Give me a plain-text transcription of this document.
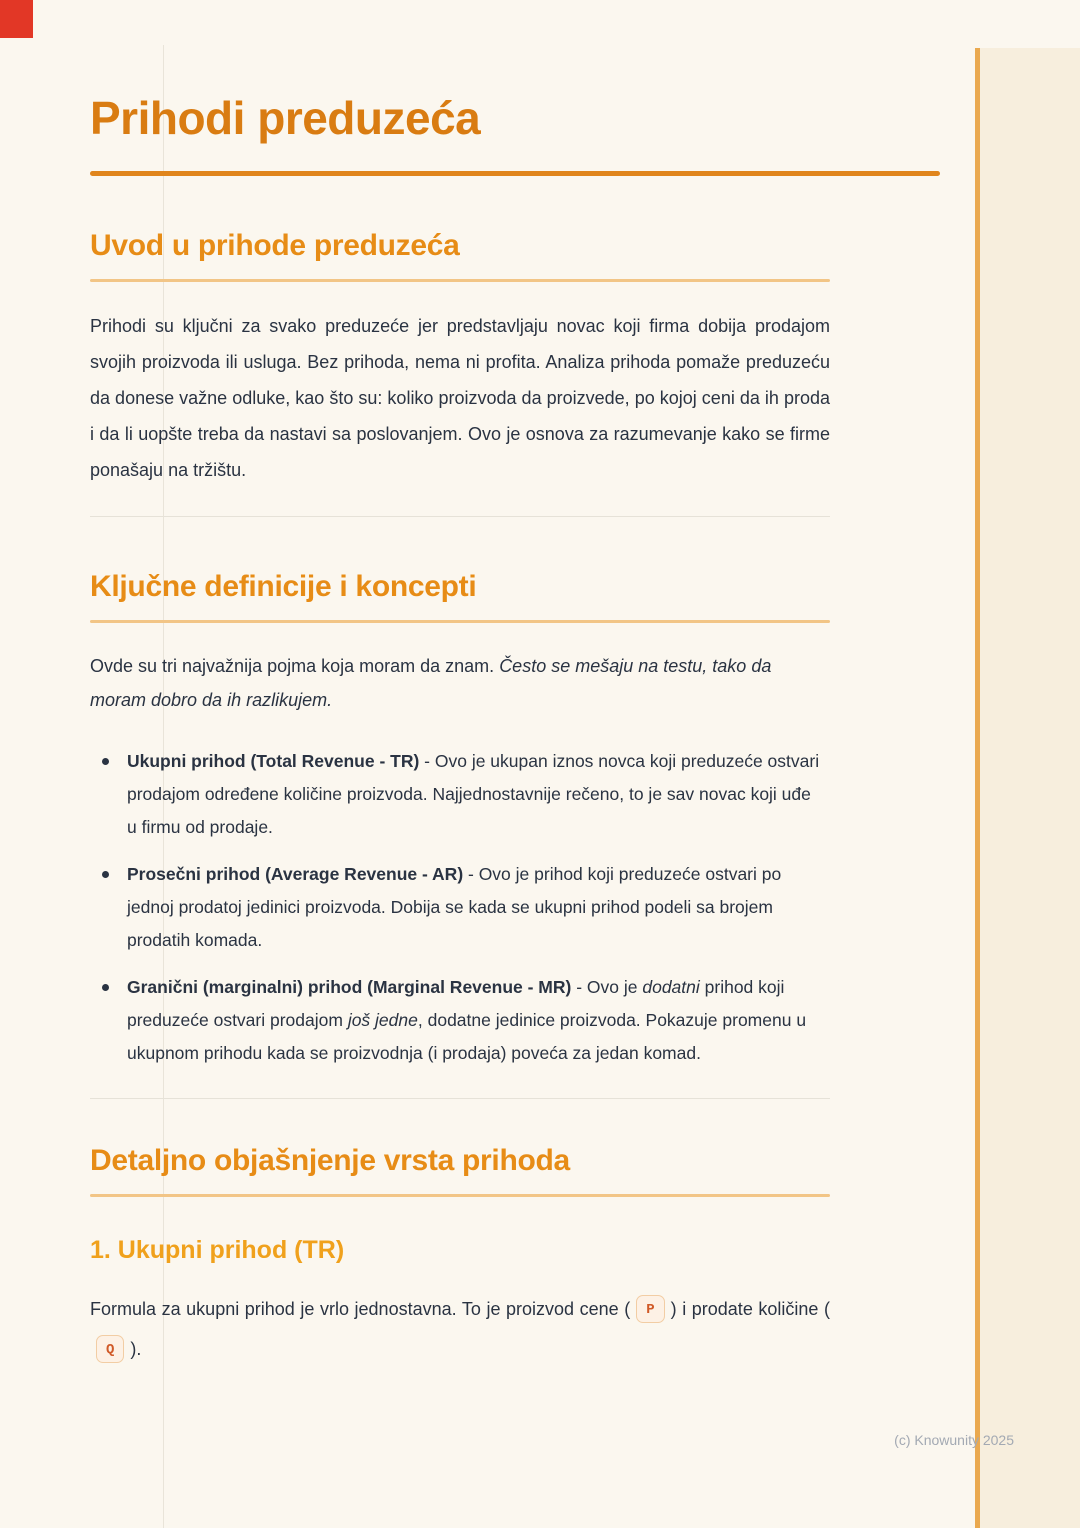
Prihodi preduzeća
Uvod u prihode preduzeća

Prihodi su ključni za svako preduzeće jer predstavljaju novac koji firma dobija prodajom svojih proizvoda ili usluga. Bez prihoda, nema ni profita. Analiza prihoda pomaže preduzeću da donese važne odluke, kao što su: koliko proizvoda da proizvede, po kojoj ceni da ih proda i da li uopšte treba da nastavi sa poslovanjem. Ovo je osnova za razumevanje kako se firme ponašaju na tržištu.

Ključne definicije i koncepti

Ovde su tri najvažnija pojma koja moram da znam. Često se mešaju na testu, tako da moram dobro da ih razlikujem.

Ukupni prihod (Total Revenue - TR) - Ovo je ukupan iznos novca koji preduzeće ostvari prodajom određene količine proizvoda. Najjednostavnije rečeno, to je sav novac koji uđe u firmu od prodaje.
Prosečni prihod (Average Revenue - AR) - Ovo je prihod koji preduzeće ostvari po jednoj prodatoj jedinici proizvoda. Dobija se kada se ukupni prihod podeli sa brojem prodatih komada.
Granični (marginalni) prihod (Marginal Revenue - MR) - Ovo je dodatni prihod koji preduzeće ostvari prodajom još jedne, dodatne jedinice proizvoda. Pokazuje promenu u ukupnom prihodu kada se proizvodnja (i prodaja) poveća za jedan komad.
Detaljno objašnjenje vrsta prihoda
1. Ukupni prihod (TR)

Formula za ukupni prihod je vrlo jednostavna. To je proizvod cene ( P ) i prodate količine (Q ).

(c) Knowunity 2025
